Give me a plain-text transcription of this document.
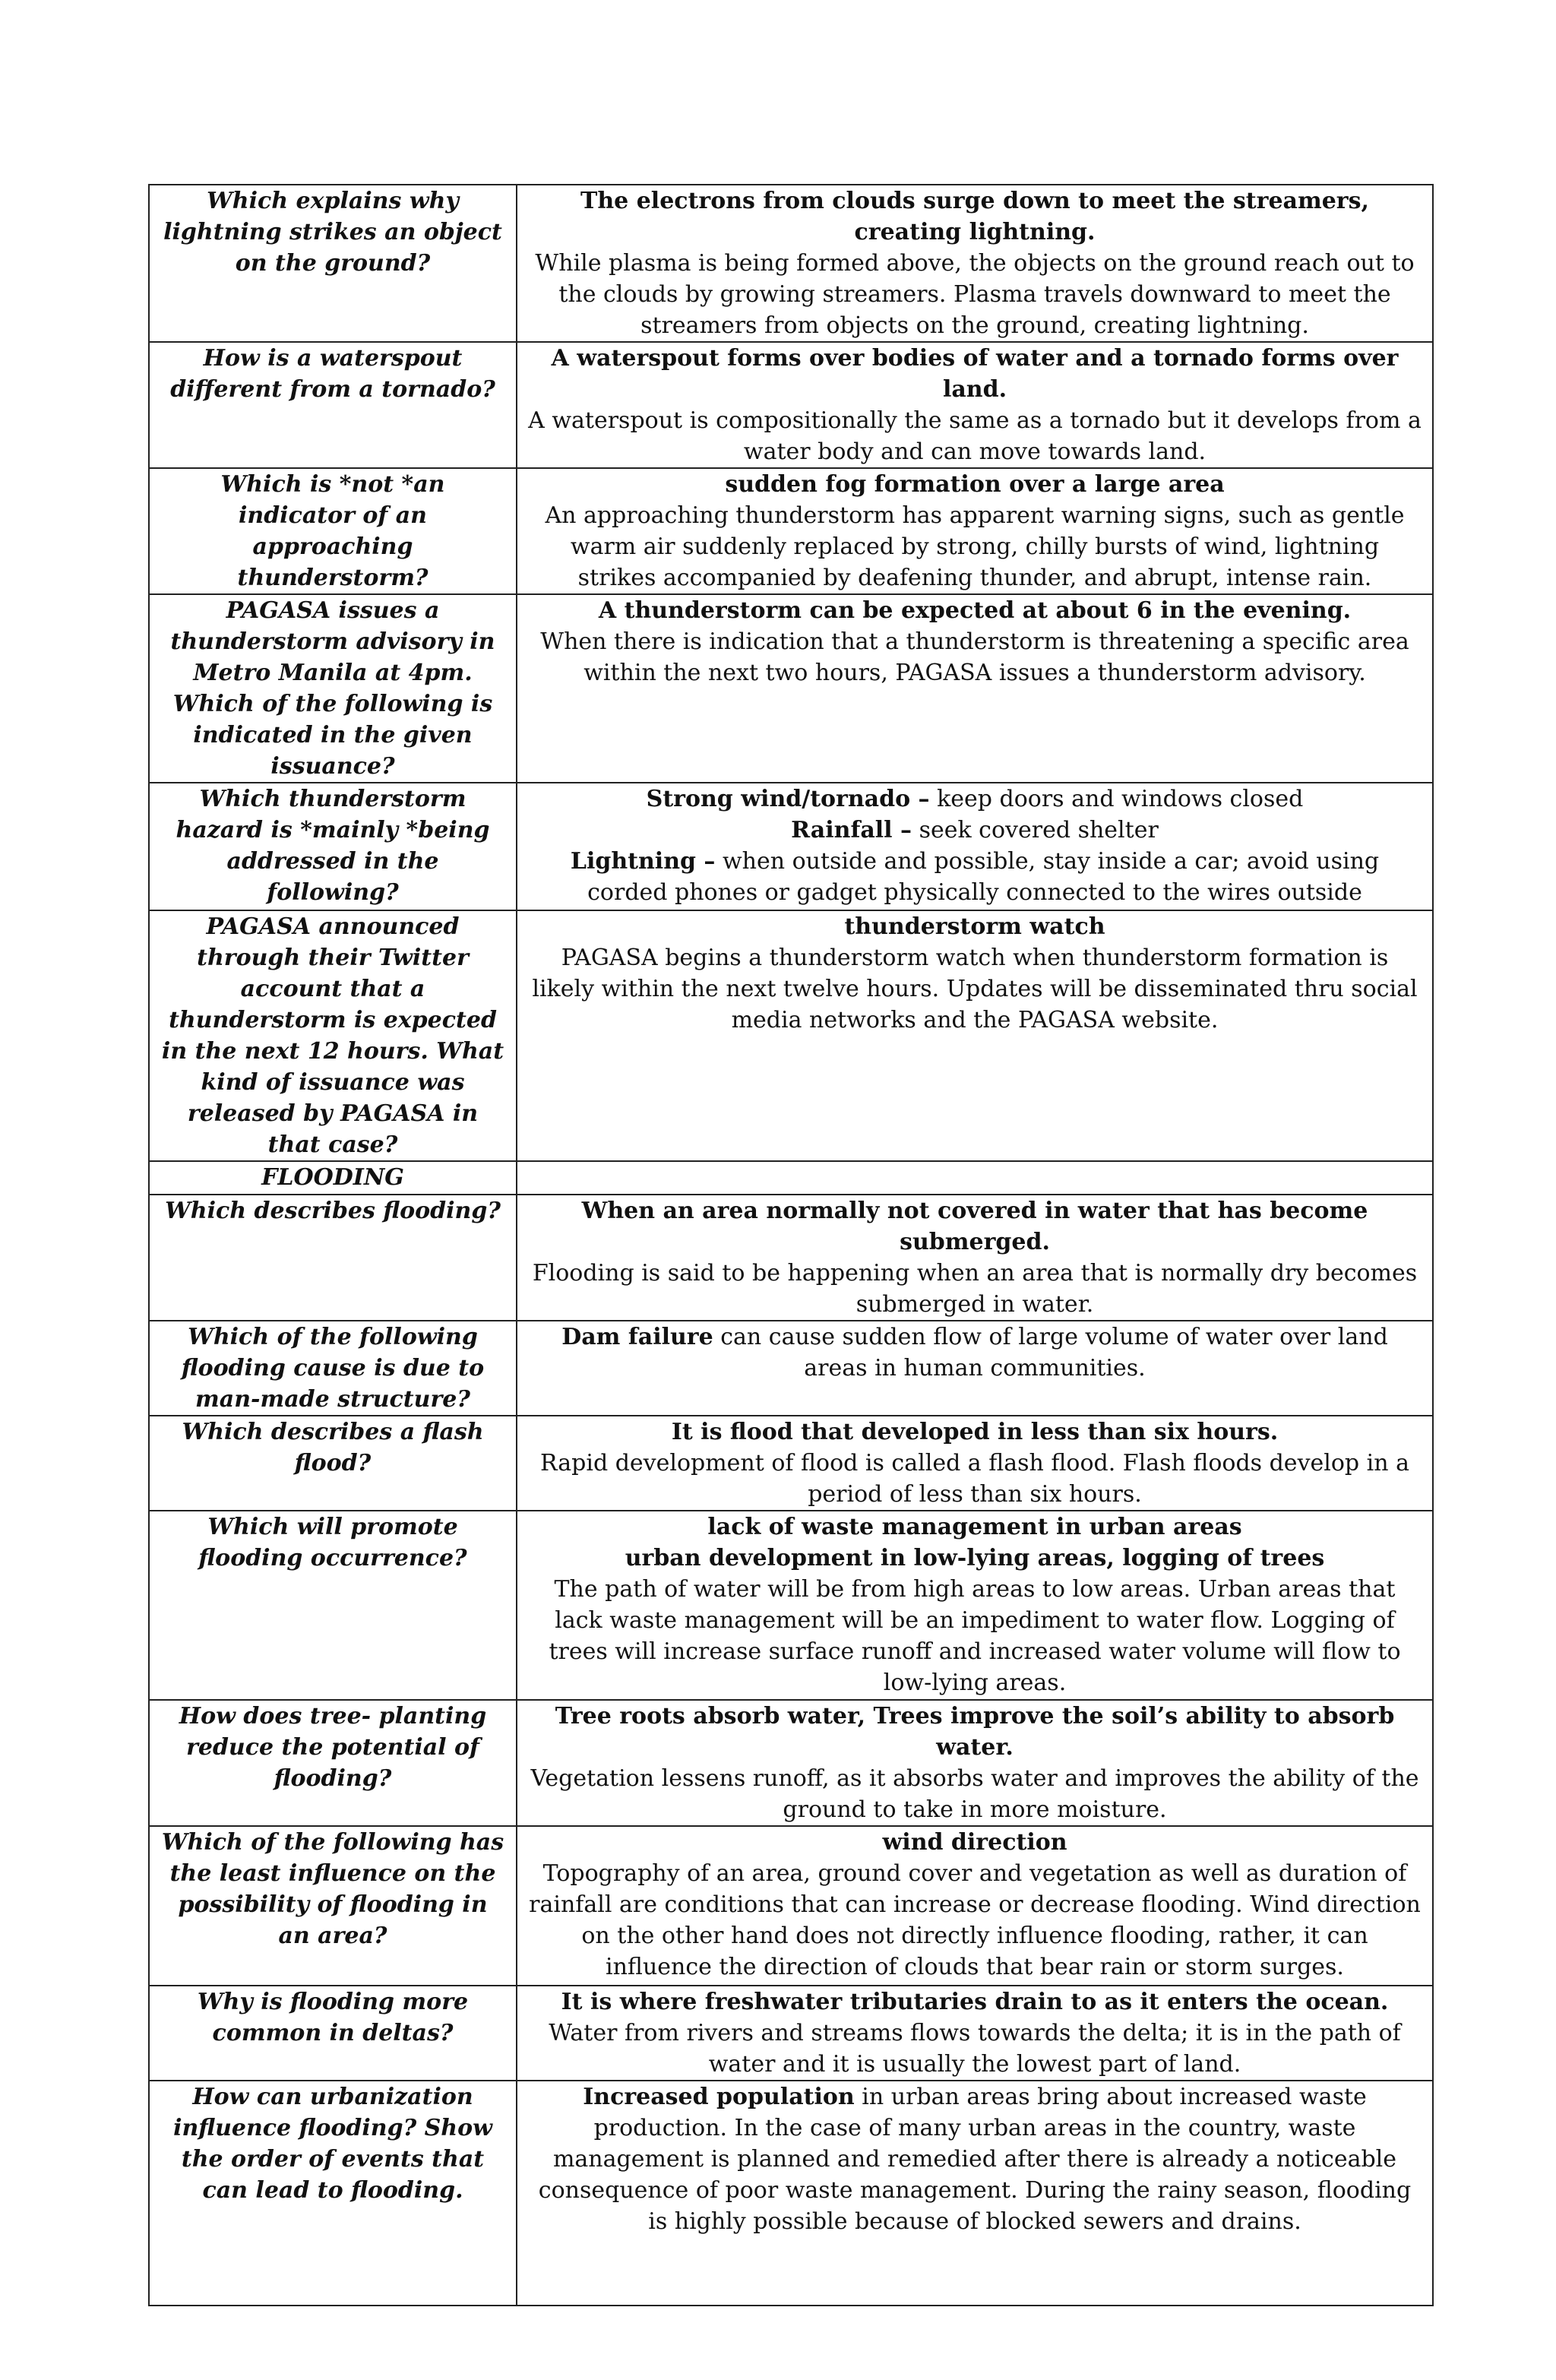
Which explains why lightning strikes an object on the ground?	The electrons from clouds surge down to meet the streamers, creating lightning.
While plasma is being formed above, the objects on the ground reach out to the clouds by growing streamers. Plasma travels downward to meet the streamers from objects on the ground, creating lightning.

How is a waterspout different from a tornado?	A waterspout forms over bodies of water and a tornado forms over land.
A waterspout is compositionally the same as a tornado but it develops from a water body and can move towards land.

Which is *not *an indicator of an approaching thunderstorm?	sudden fog formation over a large area
An approaching thunderstorm has apparent warning signs, such as gentle warm air suddenly replaced by strong, chilly bursts of wind, lightning strikes accompanied by deafening thunder, and abrupt, intense rain.

PAGASA issues a thunderstorm advisory in Metro Manila at 4pm. Which of the following is indicated in the given issuance?	A thunderstorm can be expected at about 6 in the evening.
When there is indication that a thunderstorm is threatening a specific area within the next two hours, PAGASA issues a thunderstorm advisory.

Which thunderstorm hazard is *mainly *being addressed in the following?	Strong wind/tornado – keep doors and windows closed
Rainfall – seek covered shelter
Lightning – when outside and possible, stay inside a car; avoid using corded phones or gadget physically connected to the wires outside

PAGASA announced through their Twitter account that a thunderstorm is expected in the next 12 hours. What kind of issuance was released by PAGASA in that case?	thunderstorm watch
PAGASA begins a thunderstorm watch when thunderstorm formation is likely within the next twelve hours. Updates will be disseminated thru social media networks and the PAGASA website.

FLOODING	

Which describes flooding?	When an area normally not covered in water that has become submerged.
Flooding is said to be happening when an area that is normally dry becomes submerged in water.

Which of the following flooding cause is due to man-made structure?	Dam failure can cause sudden flow of large volume of water over land areas in human communities.

Which describes a flash flood?	It is flood that developed in less than six hours.
Rapid development of flood is called a flash flood. Flash floods develop in a period of less than six hours.

Which will promote flooding occurrence?	lack of waste management in urban areas
urban development in low-lying areas, logging of trees
The path of water will be from high areas to low areas. Urban areas that lack waste management will be an impediment to water flow. Logging of trees will increase surface runoff and increased water volume will flow to low-lying areas.

How does tree- planting reduce the potential of flooding?	Tree roots absorb water, Trees improve the soil’s ability to absorb water.
Vegetation lessens runoff, as it absorbs water and improves the ability of the ground to take in more moisture.

Which of the following has the least influence on the possibility of flooding in an area?	wind direction
Topography of an area, ground cover and vegetation as well as duration of rainfall are conditions that can increase or decrease flooding. Wind direction on the other hand does not directly influence flooding, rather, it can influence the direction of clouds that bear rain or storm surges.

Why is flooding more common in deltas?	It is where freshwater tributaries drain to as it enters the ocean.
Water from rivers and streams flows towards the delta; it is in the path of water and it is usually the lowest part of land.

How can urbanization influence flooding? Show the order of events that can lead to flooding.	Increased population in urban areas bring about increased waste production. In the case of many urban areas in the country, waste management is planned and remedied after there is already a noticeable consequence of poor waste management. During the rainy season, flooding is highly possible because of blocked sewers and drains.
